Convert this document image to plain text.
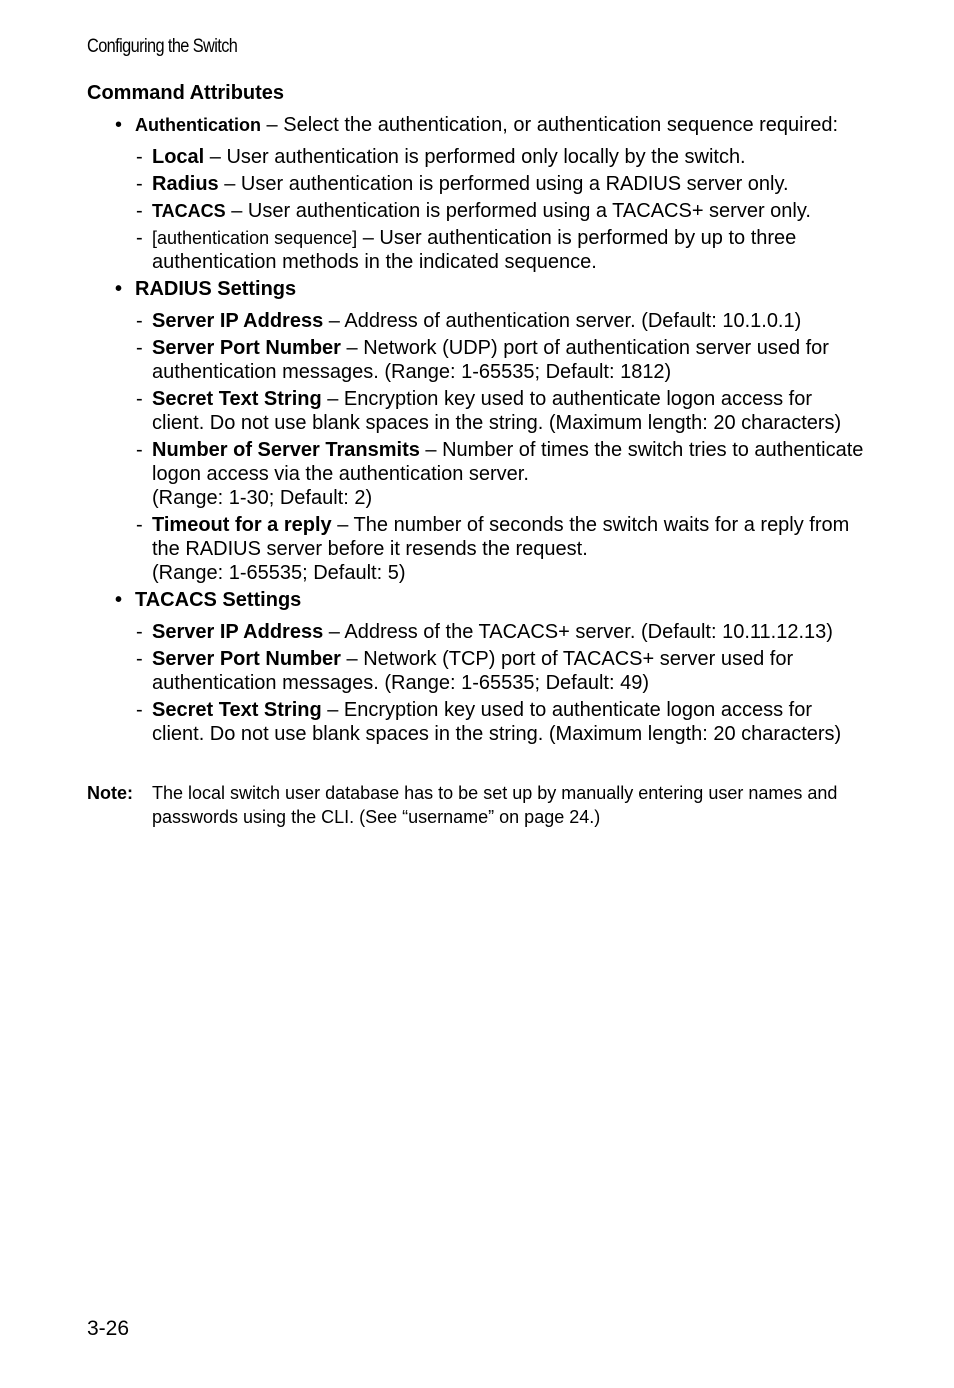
Configuring the Switch
Command Attributes
• Authentication – Select the authentication, or authentication sequence required:
- Local – User authentication is performed only locally by the switch.
- Radius – User authentication is performed using a RADIUS server only.
- TACACS – User authentication is performed using a TACACS+ server only.
- [authentication sequence] – User authentication is performed by up to three authentication methods in the indicated sequence.
• RADIUS Settings
- Server IP Address – Address of authentication server. (Default: 10.1.0.1)
- Server Port Number – Network (UDP) port of authentication server used for authentication messages. (Range: 1-65535; Default: 1812)
- Secret Text String – Encryption key used to authenticate logon access for client. Do not use blank spaces in the string. (Maximum length: 20 characters)
- Number of Server Transmits – Number of times the switch tries to authenticate logon access via the authentication server.
(Range: 1-30; Default: 2)
- Timeout for a reply – The number of seconds the switch waits for a reply from the RADIUS server before it resends the request.
(Range: 1-65535; Default: 5)
• TACACS Settings
- Server IP Address – Address of the TACACS+ server. (Default: 10.11.12.13)
- Server Port Number – Network (TCP) port of TACACS+ server used for authentication messages. (Range: 1-65535; Default: 49)
- Secret Text String – Encryption key used to authenticate logon access for client. Do not use blank spaces in the string. (Maximum length: 20 characters)
Note:	The local switch user database has to be set up by manually entering user names and passwords using the CLI. (See “username” on page 24.)
3-26
